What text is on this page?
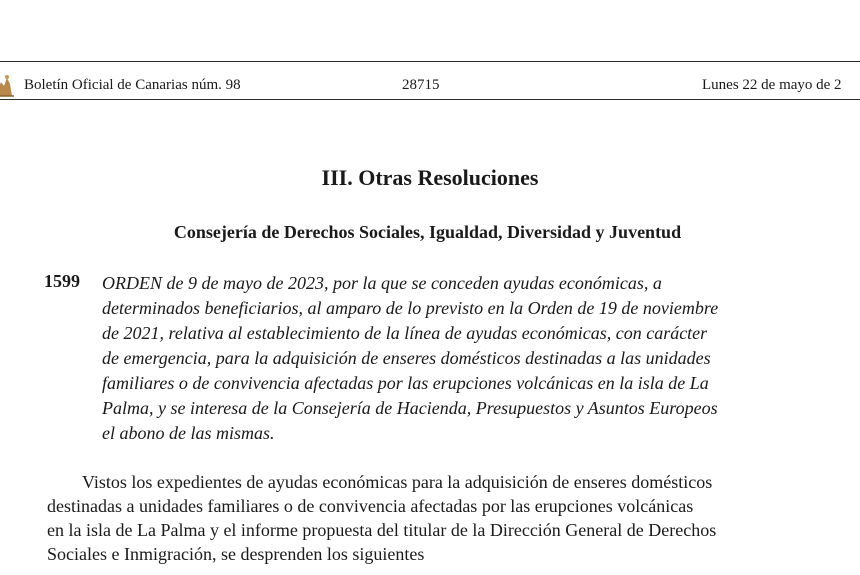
Boletín Oficial de Canarias núm. 98	28715	Lunes 22 de mayo de 2
III. Otras Resoluciones
Consejería de Derechos Sociales, Igualdad, Diversidad y Juventud
1599 ORDEN de 9 de mayo de 2023, por la que se conceden ayudas económicas, a
determinados beneficiarios, al amparo de lo previsto en la Orden de 19 de noviembre
de 2021, relativa al establecimiento de la línea de ayudas económicas, con carácter
de emergencia, para la adquisición de enseres domésticos destinadas a las unidades
familiares o de convivencia afectadas por las erupciones volcánicas en la isla de La
Palma, y se interesa de la Consejería de Hacienda, Presupuestos y Asuntos Europeos
el abono de las mismas.
Vistos los expedientes de ayudas económicas para la adquisición de enseres domésticos
destinadas a unidades familiares o de convivencia afectadas por las erupciones volcánicas
en la isla de La Palma y el informe propuesta del titular de la Dirección General de Derechos
Sociales e Inmigración, se desprenden los siguientes
